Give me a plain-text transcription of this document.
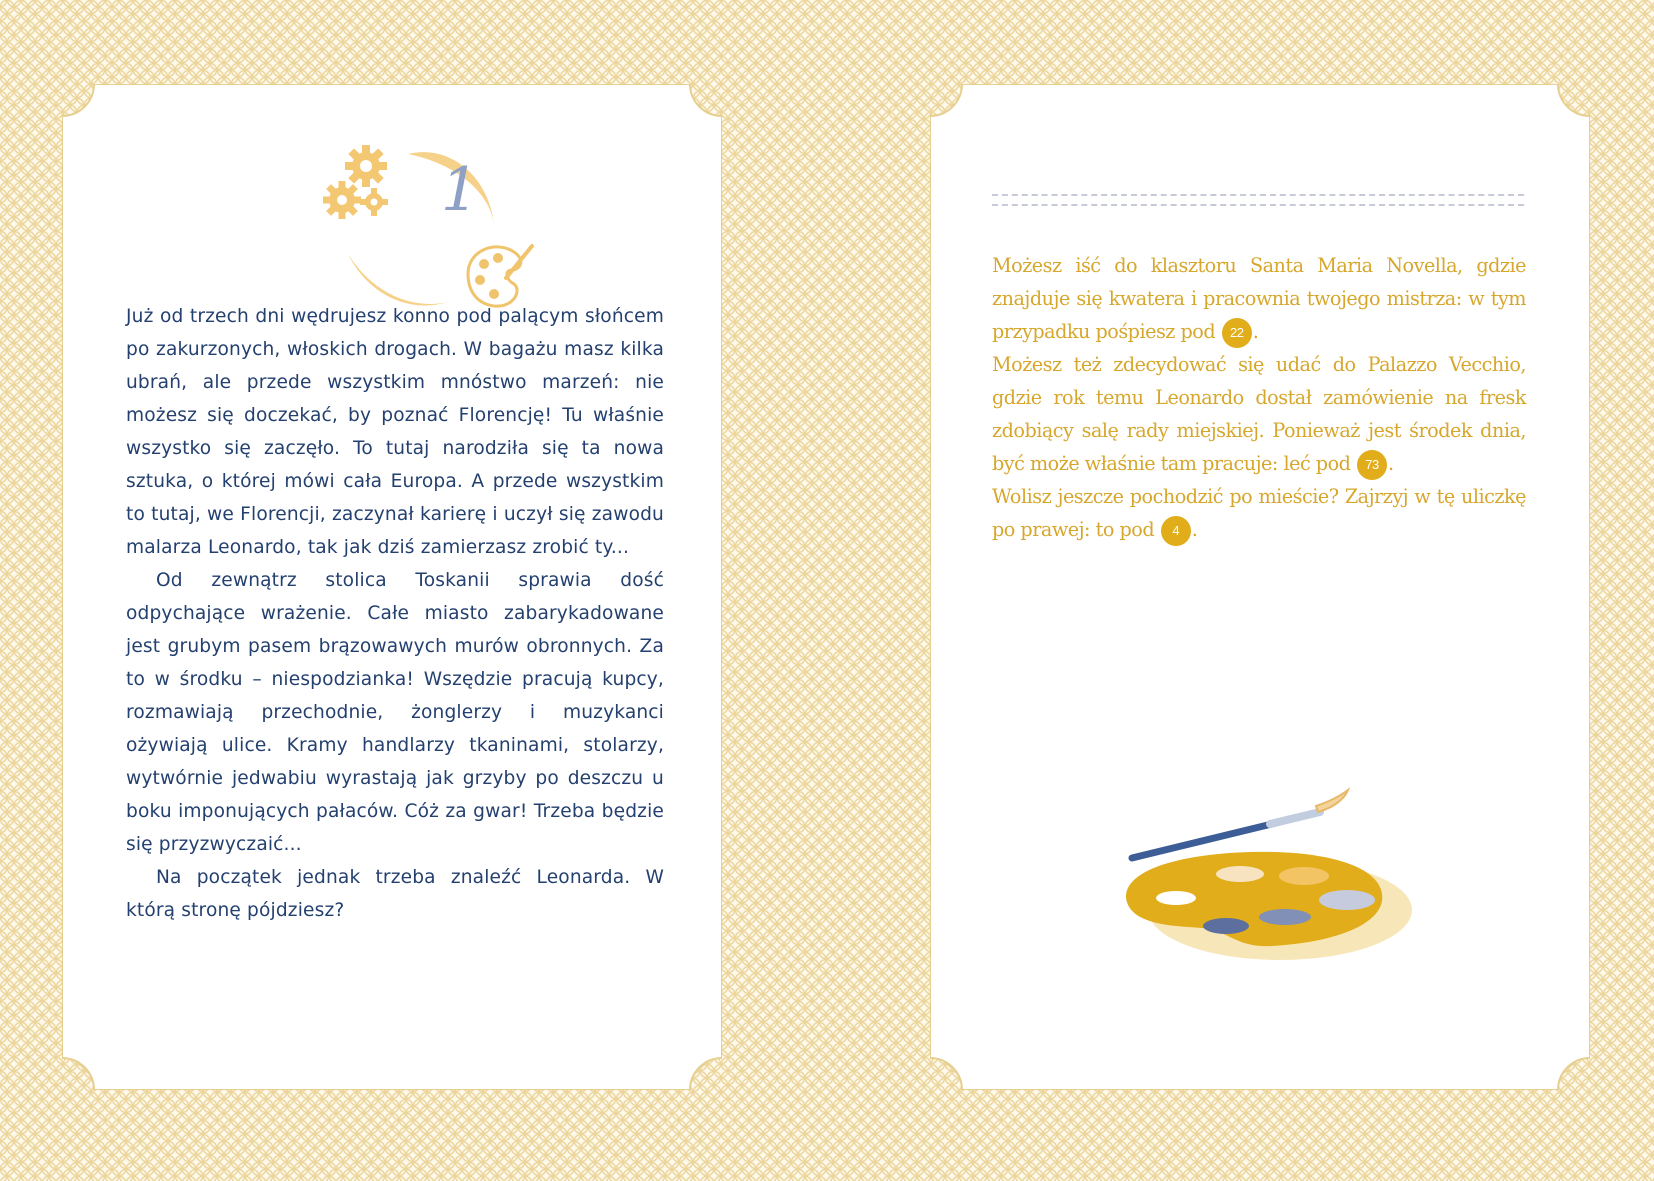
1

Już od trzech dni wędrujesz konno pod palącym słońcem po zakurzonych, włoskich drogach. W bagażu masz kilka ubrań, ale przede wszystkim mnóstwo marzeń: nie możesz się doczekać, by poznać Florencję! Tu właśnie wszystko się zaczęło. To tutaj narodziła się ta nowa sztuka, o której mówi cała Europa. A przede wszystkim to tutaj, we Florencji, zaczynał karierę i uczył się zawodu malarza Leonardo, tak jak dziś zamierzasz zrobić ty...

Od zewnątrz stolica Toskanii sprawia dość odpychające wrażenie. Całe miasto zabarykadowane jest grubym pasem brązowawych murów obronnych. Za to w środku – niespodzianka! Wszędzie pracują kupcy, rozmawiają przechodnie, żonglerzy i muzykanci ożywiają ulice. Kramy handlarzy tkaninami, stolarzy, wytwórnie jedwabiu wyrastają jak grzyby po deszczu u boku imponujących pałaców. Cóż za gwar! Trzeba będzie się przyzwyczaić...

Na początek jednak trzeba znaleźć Leonarda. W którą stronę pójdziesz?

Możesz iść do klasztoru Santa Maria Novella, gdzie znajduje się kwatera i pracownia twojego mistrza: w tym przypadku pośpiesz pod 22 .

Możesz też zdecydować się udać do Palazzo Vecchio, gdzie rok temu Leonardo dostał zamówienie na fresk zdobiący salę rady miejskiej. Ponieważ jest środek dnia, być może właśnie tam pracuje: leć pod 73 .

Wolisz jeszcze pochodzić po mieście? Zajrzyj w tę uliczkę po prawej: to pod 4 .
